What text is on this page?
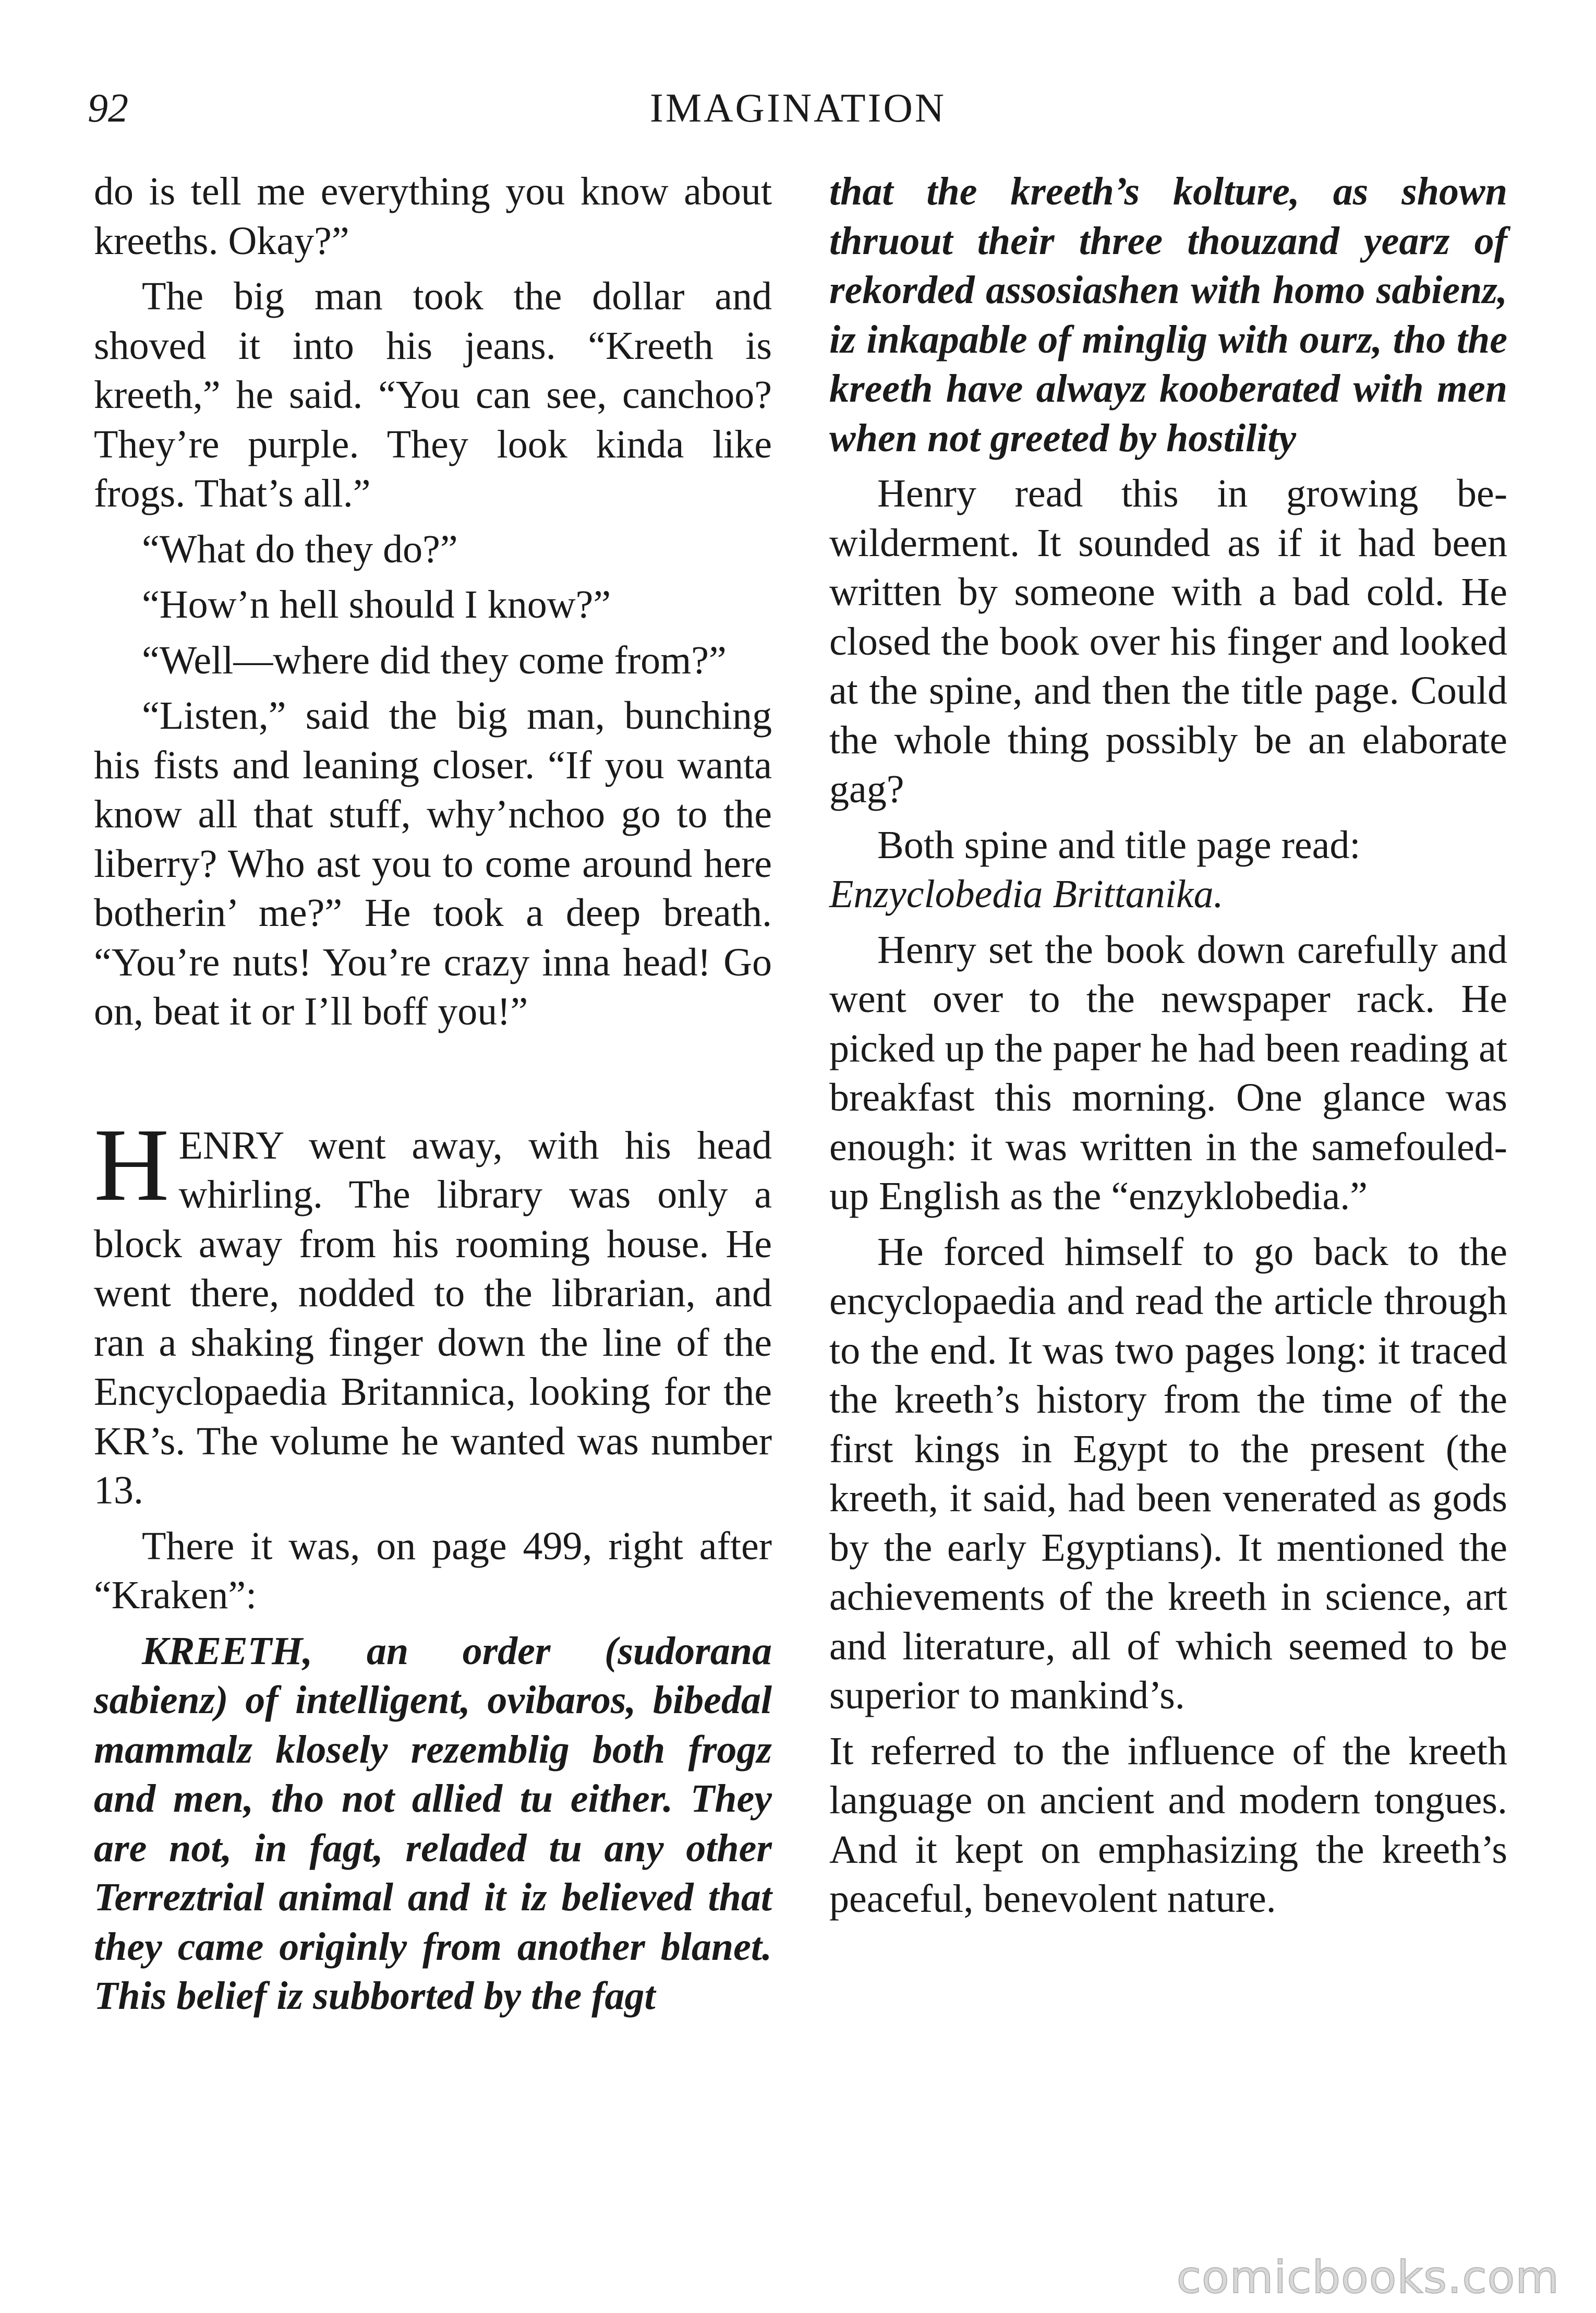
92	IMAGINATION

do is tell me everything you know about kreeths. Okay?”

The big man took the dollar and shoved it into his jeans. “Kreeth is kreeth,” he said. “You can see, canchoo? They’re purple. They look kinda like frogs. That’s all.”

“What do they do?”

“How’n hell should I know?”

“Well—where did they come from?”

“Listen,” said the big man, bunching his fists and leaning closer. “If you wanta know all that stuff, why’nchoo go to the liberry? Who ast you to come around here botherin’ me?” He took a deep breath. “You’re nuts! You’re crazy inna head! Go on, beat it or I’ll boff you!”

HENRY went away, with his head whirling. The library was only a block away from his rooming house. He went there, nodded to the librarian, and ran a shaking finger down the line of the Encyclopaedia Britannica, looking for the KR’s. The volume he wanted was number 13.

There it was, on page 499, right after “Kraken”:

KREETH, an order (sudorana sabienz) of intelligent, ovibaros, bibedal mammalz klosely rezemblig both frogz and men, tho not allied tu either. They are not, in fagt, reladed tu any other Terreztrial animal and it iz believed that they came originly from another blanet. This belief iz subborted by the fagt

that the kreeth’s kolture, as shown thruout their three thouzand yearz of rekorded assosiashen with homo sabienz, iz inkapable of minglig with ourz, tho the kreeth have alwayz kooberated with men when not greeted by hostility

Henry read this in growing bewilderment. It sounded as if it had been written by someone with a bad cold. He closed the book over his finger and looked at the spine, and then the title page. Could the whole thing possibly be an elaborate gag?

Both spine and title page read:

Enzyclobedia Brittanika.

Henry set the book down carefully and went over to the newspaper rack. He picked up the paper he had been reading at breakfast this morning. One glance was enough: it was written in the samefouled-up English as the “enzyklobedia.”

He forced himself to go back to the encyclopaedia and read the article through to the end. It was two pages long: it traced the kreeth’s history from the time of the first kings in Egypt to the present (the kreeth, it said, had been venerated as gods by the early Egyptians). It mentioned the achievements of the kreeth in science, art and literature, all of which seemed to be superior to mankind’s.

It referred to the influence of the kreeth language on ancient and modern tongues. And it kept on emphasizing the kreeth’s peaceful, benevolent nature.

comicbooks.com
